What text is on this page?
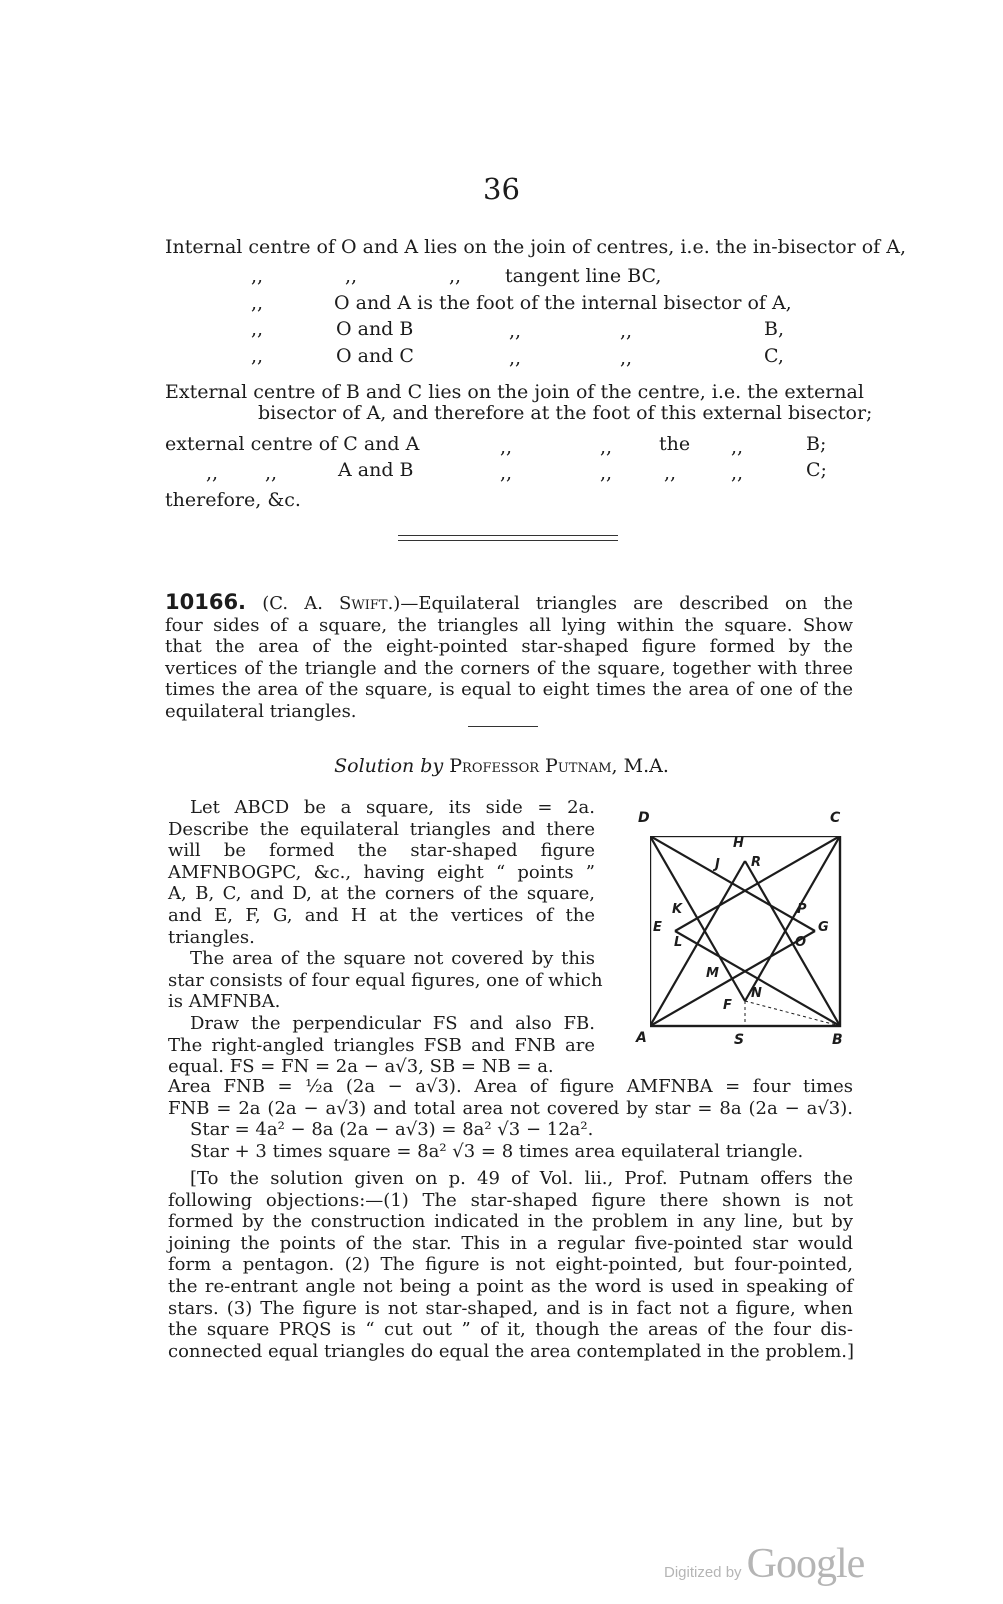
36
Internal centre of O and A lies on the join of centres, i.e. the in-bisector of A,
,,	,,	,, tangent line BC,
,,	O and A is the foot of the internal bisector of A,
,,	O and B	,,	,,	B,
,,	O and C	,,	,,	C,
External centre of B and C lies on the join of the centre, i.e. the external
bisector of A, and therefore at the foot of this external bisector;
external centre of C and A	,,	,, the ,,	B;
,, ,,	A and B	,,	,,	,,	,,	C;
therefore, &c.
10166. (C. A. Swift.)—Equilateral triangles are described on the
four sides of a square, the triangles all lying within the square. Show
that the area of the eight-pointed star-shaped figure formed by the
vertices of the triangle and the corners of the square, together with three
times the area of the square, is equal to eight times the area of one of the
equilateral triangles.
Solution by Professor Putnam, M.A.
Let ABCD be a square, its side = 2a.
Describe the equilateral triangles and there
will be formed the star-shaped figure
AMFNBOGPC, &c., having eight “ points ”
A, B, C, and D, at the corners of the square,
and E, F, G, and H at the vertices of the
triangles.
The area of the square not covered by this
star consists of four equal figures, one of which
is AMFNBA.
Draw the perpendicular FS and also FB.
The right-angled triangles FSB and FNB are
equal. FS = FN = 2a − a√3, SB = NB = a.
D	C
A	S	B
H
J R
E
K
L
P
G
O
M
F
N
Area FNB = ½a (2a − a√3). Area of figure AMFNBA = four times
FNB = 2a (2a − a√3) and total area not covered by star = 8a (2a − a√3).
Star = 4a² − 8a (2a − a√3) = 8a² √3 − 12a².
Star + 3 times square = 8a² √3 = 8 times area equilateral triangle.
[To the solution given on p. 49 of Vol. lii., Prof. Putnam offers the
following objections:—(1) The star-shaped figure there shown is not
formed by the construction indicated in the problem in any line, but by
joining the points of the star. This in a regular five-pointed star would
form a pentagon. (2) The figure is not eight-pointed, but four-pointed,
the re-entrant angle not being a point as the word is used in speaking of
stars. (3) The figure is not star-shaped, and is in fact not a figure, when
the square PRQS is “ cut out ” of it, though the areas of the four dis-
connected equal triangles do equal the area contemplated in the problem.]
Digitized by Google
